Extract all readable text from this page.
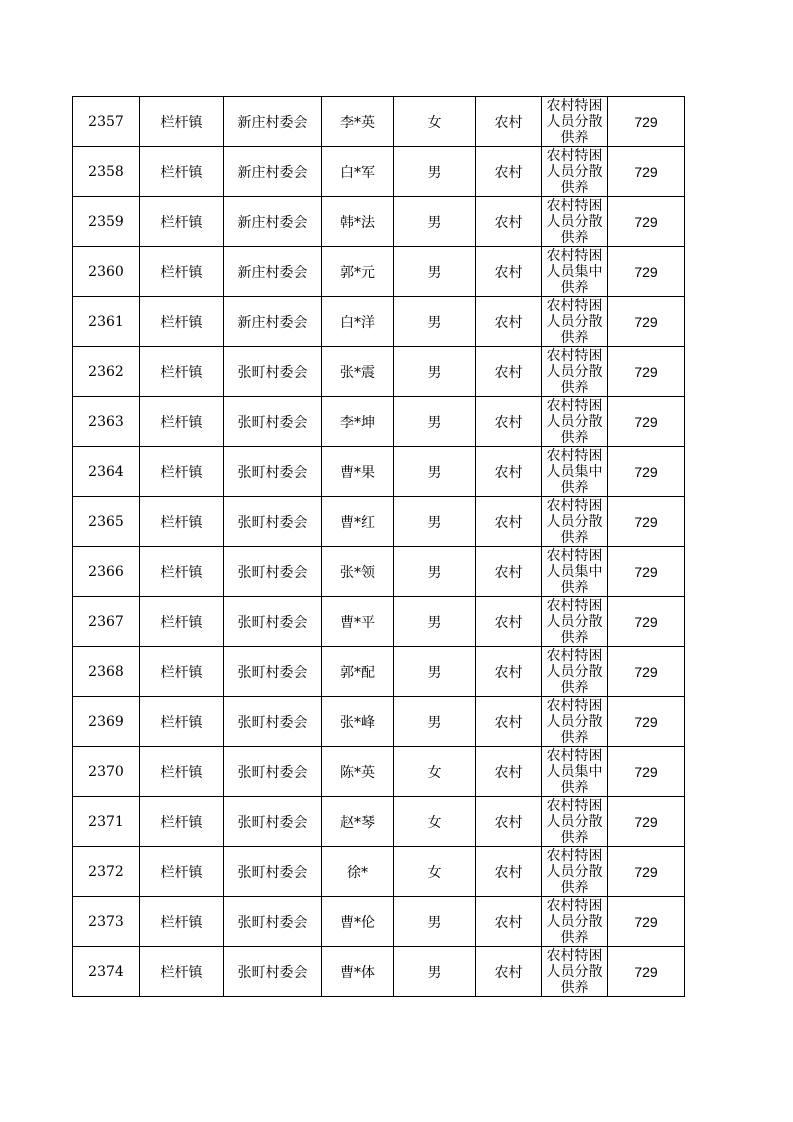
2357	栏杆镇	新庄村委会	李*英	女	农村	农村特困
人员分散
供养	729
2358	栏杆镇	新庄村委会	白*军	男	农村	农村特困
人员分散
供养	729
2359	栏杆镇	新庄村委会	韩*法	男	农村	农村特困
人员分散
供养	729
2360	栏杆镇	新庄村委会	郭*元	男	农村	农村特困
人员集中
供养	729
2361	栏杆镇	新庄村委会	白*洋	男	农村	农村特困
人员分散
供养	729
2362	栏杆镇	张町村委会	张*震	男	农村	农村特困
人员分散
供养	729
2363	栏杆镇	张町村委会	李*坤	男	农村	农村特困
人员分散
供养	729
2364	栏杆镇	张町村委会	曹*果	男	农村	农村特困
人员集中
供养	729
2365	栏杆镇	张町村委会	曹*红	男	农村	农村特困
人员分散
供养	729
2366	栏杆镇	张町村委会	张*领	男	农村	农村特困
人员集中
供养	729
2367	栏杆镇	张町村委会	曹*平	男	农村	农村特困
人员分散
供养	729
2368	栏杆镇	张町村委会	郭*配	男	农村	农村特困
人员分散
供养	729
2369	栏杆镇	张町村委会	张*峰	男	农村	农村特困
人员分散
供养	729
2370	栏杆镇	张町村委会	陈*英	女	农村	农村特困
人员集中
供养	729
2371	栏杆镇	张町村委会	赵*琴	女	农村	农村特困
人员分散
供养	729
2372	栏杆镇	张町村委会	徐*	女	农村	农村特困
人员分散
供养	729
2373	栏杆镇	张町村委会	曹*伦	男	农村	农村特困
人员分散
供养	729
2374	栏杆镇	张町村委会	曹*体	男	农村	农村特困
人员分散
供养	729
